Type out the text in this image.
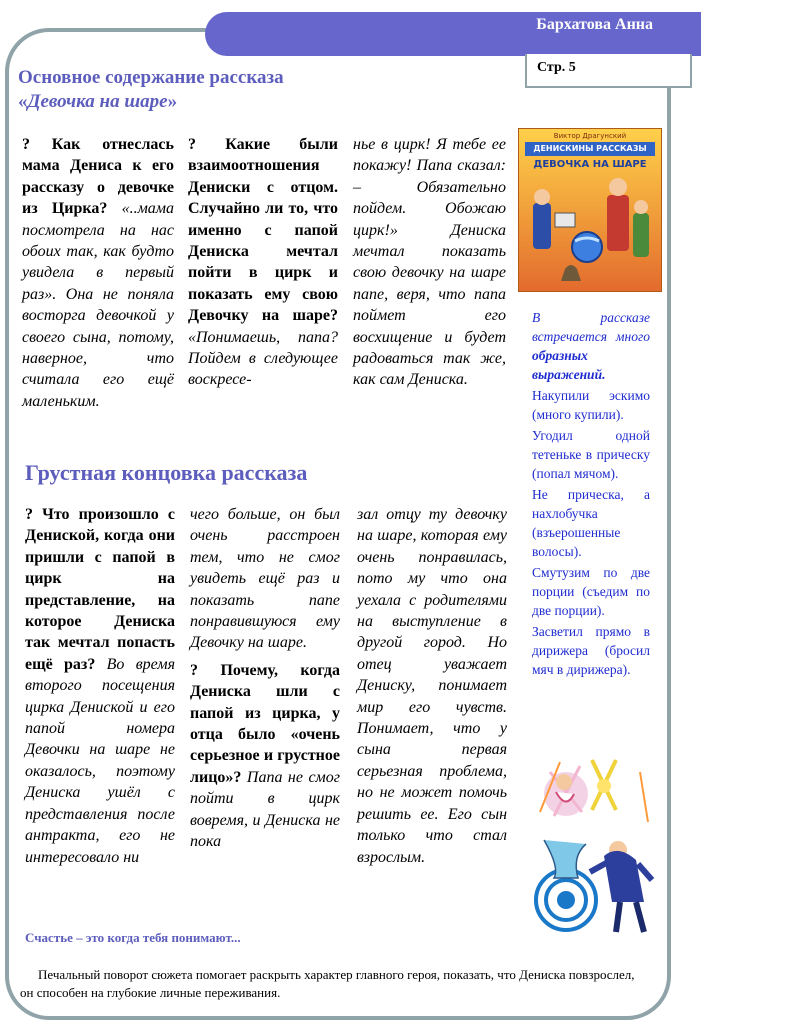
Бархатова Анна
Стр. 5
Основное содержание рассказа
«Девочка на шаре»
? Как отнеслась мама Дениса к его рассказу о девочке из Цирка? «..мама посмотрела на нас обоих так, как будто увидела в первый раз». Она не поняла восторга девочкой у своего сына, потому, наверное, что считала его ещё маленьким.
? Какие были взаимоотношения Дениски с отцом. Случайно ли то, что именно с папой Дениска мечтал пойти в цирк и показать ему свою Девочку на шаре? «Понимаешь, папа? Пойдем в следующее воскресе-
нье в цирк! Я тебе ее покажу! Папа сказал: – Обязательно пойдем. Обожаю цирк!» Дениска мечтал показать свою девочку на шаре папе, веря, что папа поймет его восхищение и будет радоваться так же, как сам Дениска.
Виктор Драгунский
ДЕНИСКИНЫ РАССКАЗЫ
ДЕВОЧКА НА ШАРЕ

В рассказе встречается много образных выражений.

Накупили эскимо (много купили).

Угодил одной тетеньке в прическу (попал мячом).

Не прическа, а нахлобучка (взъерошенные волосы).

Смутузим по две порции (съедим по две порции).

Засветил прямо в дирижера (бросил мяч в дирижера).

Грустная концовка рассказа
? Что произошло с Дениской, когда они пришли с папой в цирк на представление, на которое Дениска так мечтал попасть ещё раз? Во время второго посещения цирка Дениской и его папой номера Девочки на шаре не оказалось, поэтому Дениска ушёл с представления после антракта, его не интересовало ни
чего больше, он был очень расстроен тем, что не смог увидеть ещё раз и показать папе понравившуюся ему Девочку на шаре.
? Почему, когда Дениска шли с папой из цирка, у отца было «очень серьезное и грустное лицо»? Папа не смог пойти в цирк вовремя, и Дениска не пока
зал отцу ту девочку на шаре, которая ему очень понравилась, пото му что она уехала с родителями на выступление в другой город. Но отец уважает Дениску, понимает мир его чувств. Понимает, что у сына первая серьезная проблема, но не может помочь решить ее. Его сын только что стал взрослым.
Счастье – это когда тебя понимают...
Печальный поворот сюжета помогает раскрыть характер главного героя, показать, что Дениска повзрослел, он способен на глубокие личные переживания.
